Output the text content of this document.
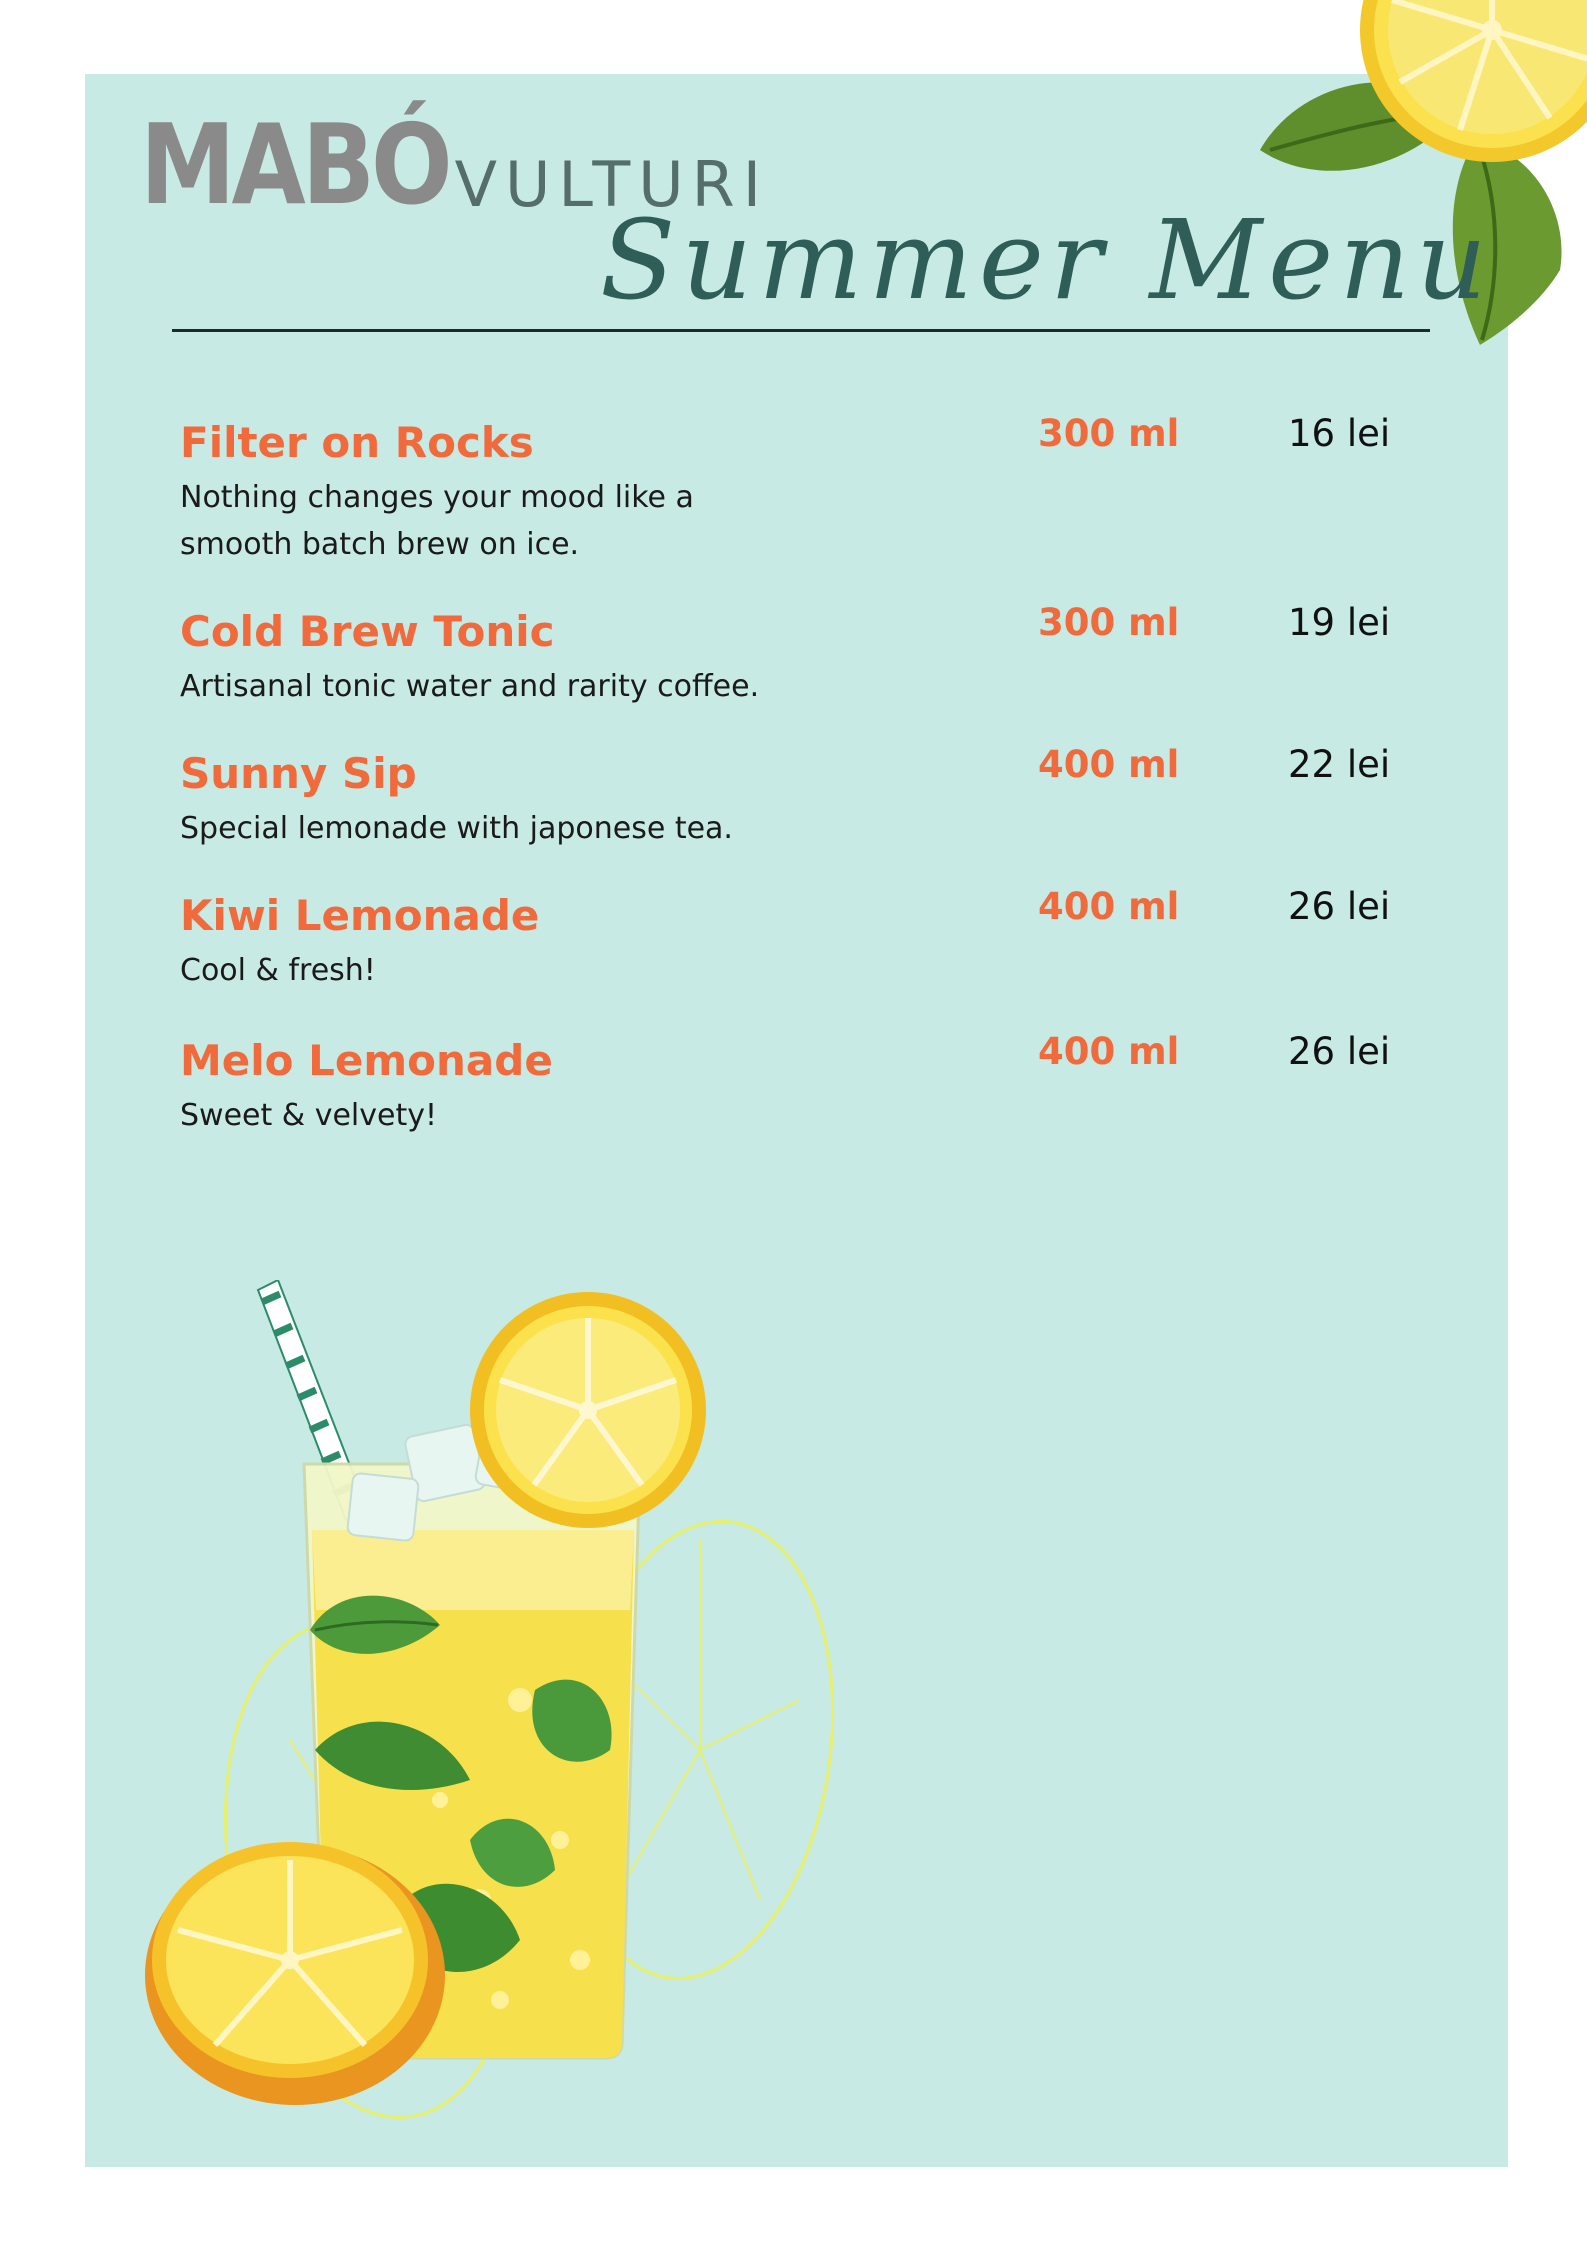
MABÓ VULTURI
Summer Menu
Filter on Rocks
Nothing changes your mood like a smooth batch brew on ice.
300 ml	16 lei
Cold Brew Tonic
Artisanal tonic water and rarity coffee.
300 ml	19 lei
Sunny Sip
Special lemonade with japonese tea.
400 ml	22 lei
Kiwi Lemonade
Cool & fresh!
400 ml	26 lei
Melo Lemonade
Sweet & velvety!
400 ml	26 lei
